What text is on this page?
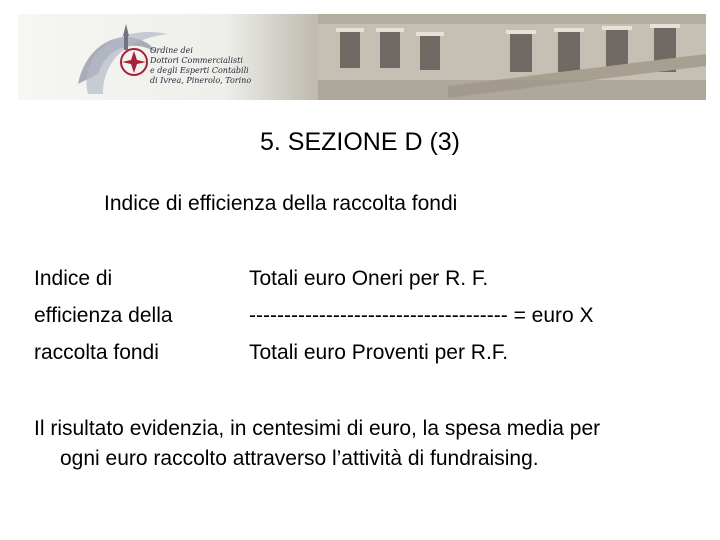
Ordine dei
Dottori Commercialisti
e degli Esperti Contabili
di Ivrea, Pinerolo, Torino
5. SEZIONE D (3)
Indice di efficienza della raccolta fondi
Indice di
efficienza della
raccolta fondi
Totali euro Oneri per R. F.
------------------------------------- = euro X
Totali euro Proventi per R.F.
Il risultato evidenzia, in centesimi di euro, la spesa media per
ogni euro raccolto attraverso l’attività di fundraising.
